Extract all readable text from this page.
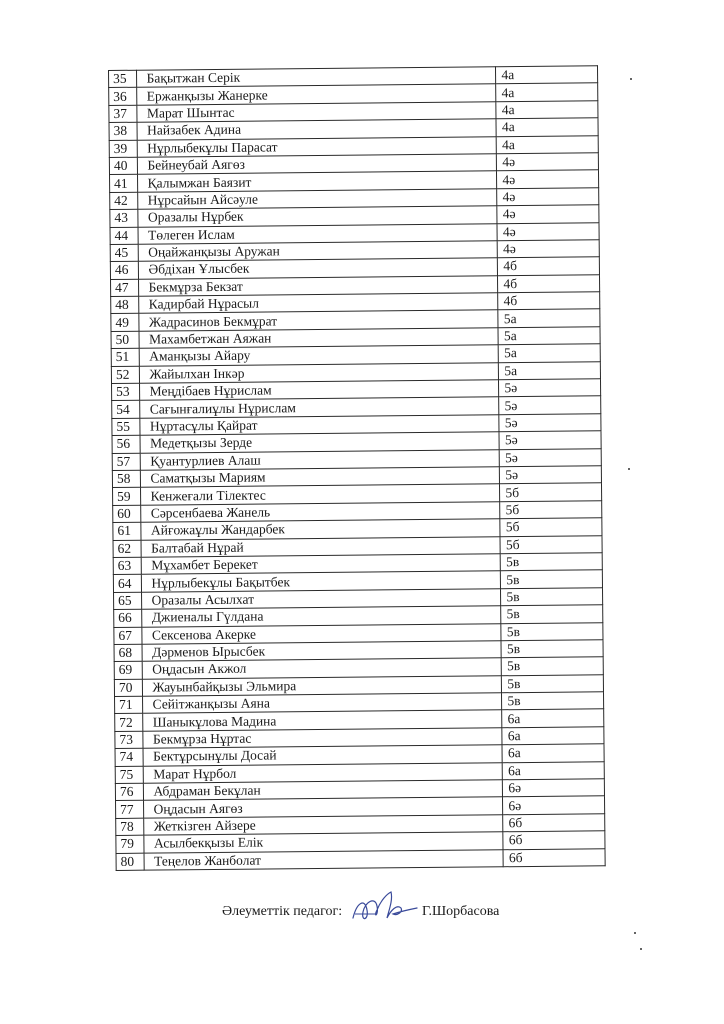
35	Бақытжан Серік	4а
36	Ержанқызы Жанерке	4а
37	Марат Шынтас	4а
38	Найзабек Адина	4а
39	Нұрлыбекұлы Парасат	4а
40	Бейнеубай Аягөз	4ә
41	Қалымжан Баязит	4ә
42	Нұрсайын Айсәуле	4ә
43	Оразалы Нұрбек	4ә
44	Төлеген Ислам	4ә
45	Оңайжанқызы Аружан	4ә
46	Әбдіхан Ұлысбек	4б
47	Бекмұрза Бекзат	4б
48	Кадирбай Нұрасыл	4б
49	Жадрасинов Бекмұрат	5а
50	Махамбетжан Аяжан	5а
51	Аманқызы Айару	5а
52	Жайылхан Інкәр	5а
53	Меңдібаев Нұрислам	5ә
54	Сағынғалиұлы Нұрислам	5ә
55	Нұртасұлы Қайрат	5ә
56	Медетқызы Зерде	5ә
57	Қуантурлиев Алаш	5ә
58	Саматқызы Мариям	5ә
59	Кенжеғали Тілектес	5б
60	Сәрсенбаева Жанель	5б
61	Айғожаұлы Жандарбек	5б
62	Балтабай Нұрай	5б
63	Мұхамбет Берекет	5в
64	Нұрлыбекұлы Бақытбек	5в
65	Оразалы Асылхат	5в
66	Джиеналы Гүлдана	5в
67	Сексенова Акерке	5в
68	Дәрменов Ырысбек	5в
69	Оңдасын Акжол	5в
70	Жауынбайқызы Эльмира	5в
71	Сейітжанқызы Аяна	5в
72	Шаныкұлова Мадина	6а
73	Бекмұрза Нұртас	6а
74	Бектұрсынұлы Досай	6а
75	Марат Нұрбол	6а
76	Абдраман Бекұлан	6ә
77	Оңдасын Аягөз	6ә
78	Жеткізген Айзере	6б
79	Асылбекқызы Елік	6б
80	Теңелов Жанболат	6б
Әлеуметтік педагог:	Г.Шорбасова
